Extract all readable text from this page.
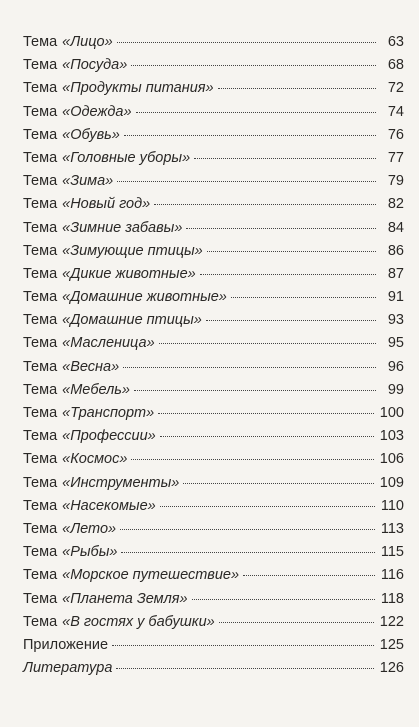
Тема «Лицо»	63
Тема «Посуда»	68
Тема «Продукты питания»	72
Тема «Одежда»	74
Тема «Обувь»	76
Тема «Головные уборы»	77
Тема «Зима»	79
Тема «Новый год»	82
Тема «Зимние забавы»	84
Тема «Зимующие птицы»	86
Тема «Дикие животные»	87
Тема «Домашние животные»	91
Тема «Домашние птицы»	93
Тема «Масленица»	95
Тема «Весна»	96
Тема «Мебель»	99
Тема «Транспорт»	100
Тема «Профессии»	103
Тема «Космос»	106
Тема «Инструменты»	109
Тема «Насекомые»	110
Тема «Лето»	113
Тема «Рыбы»	115
Тема «Морское путешествие»	116
Тема «Планета Земля»	118
Тема «В гостях у бабушки»	122
Приложение	125
Литература	126
